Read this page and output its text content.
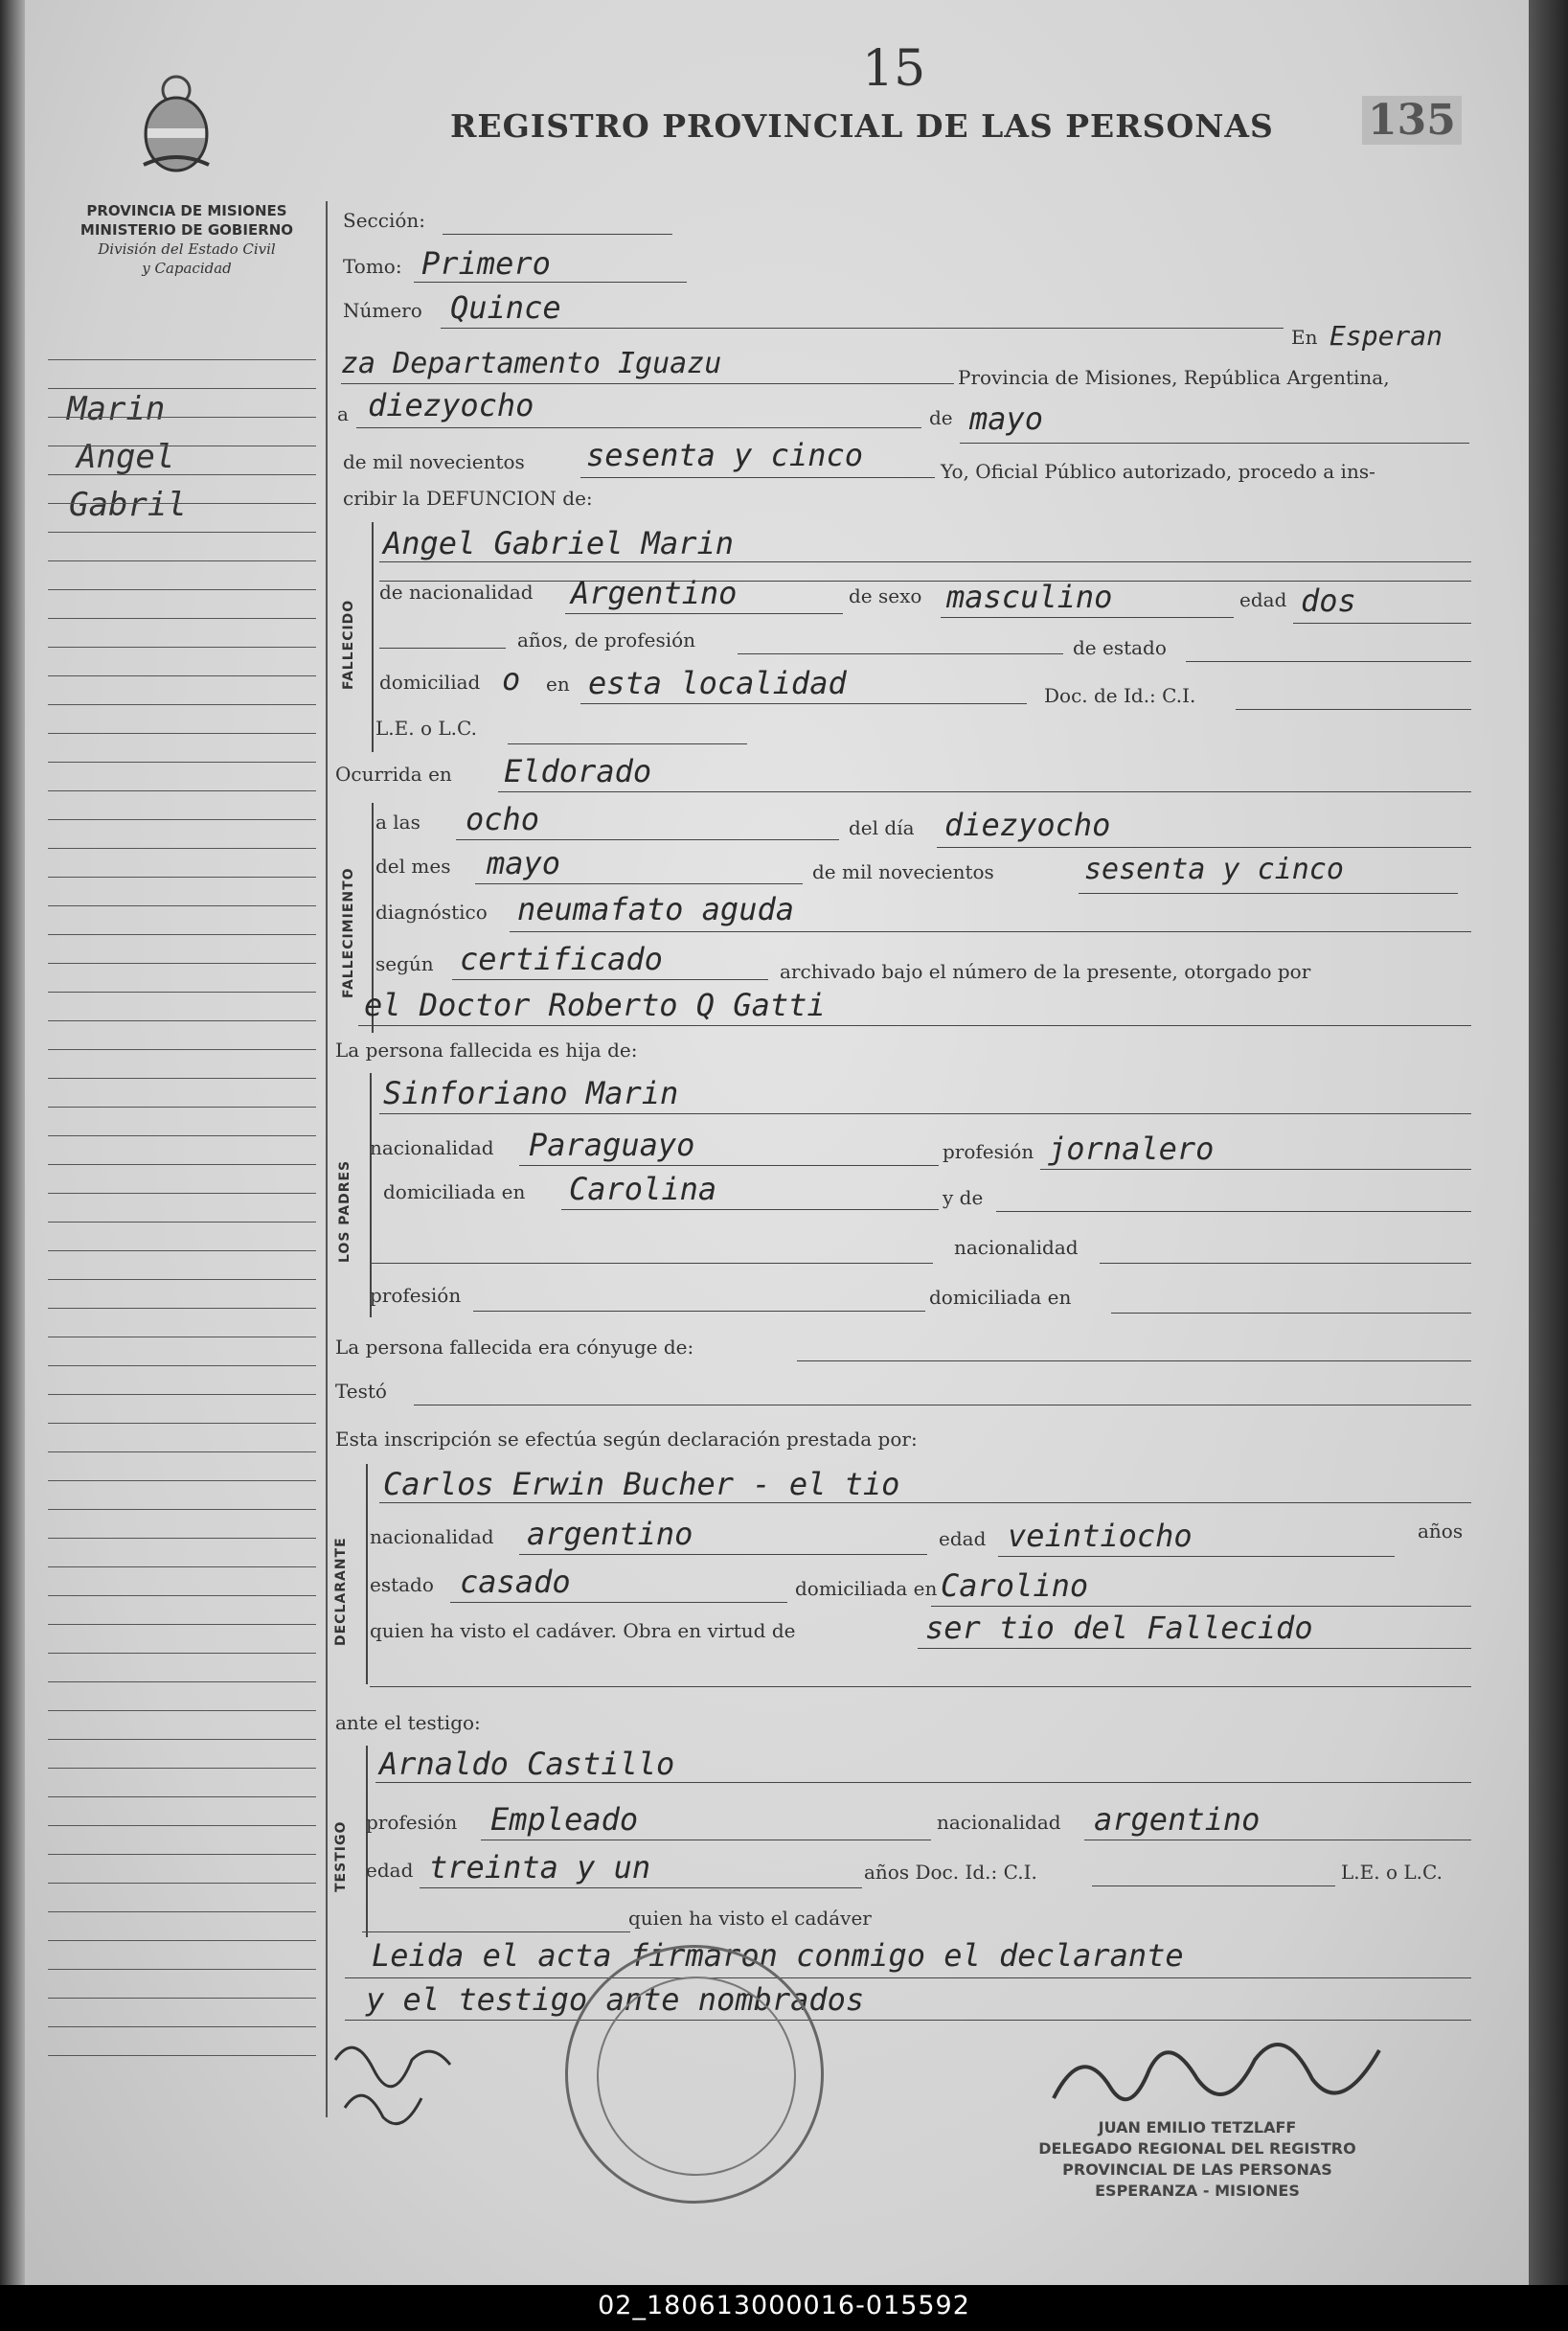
15
REGISTRO PROVINCIAL DE LAS PERSONAS 135
PROVINCIA DE MISIONES
MINISTERIO DE GOBIERNO
División del Estado Civil
y Capacidad
Marin
Angel
Gabril
Sección:
Tomo: Primero
Número Quince
En Esperan
za Departamento Iguazu	Provincia de Misiones, República Argentina,
a diezyocho	de mayo
de mil novecientos sesenta y cinco	Yo, Oficial Público autorizado, procedo a ins-
cribir la DEFUNCION de:
FALLECIDO
Angel Gabriel Marin
de nacionalidad Argentino	de sexo masculino	edad dos
años, de profesión	de estado
domiciliad o en esta localidad	Doc. de Id.: C.I.
L.E. o L.C.
Ocurrida en Eldorado
FALLECIMIENTO
a las ocho	del día diezyocho
del mes mayo	de mil novecientos	sesenta y cinco
diagnóstico neumafato aguda
según certificado	archivado bajo el número de la presente, otorgado por
el Doctor Roberto Q Gatti
La persona fallecida es hija de:
LOS PADRES
Sinforiano Marin
nacionalidad Paraguayo	profesión jornalero
domiciliada en Carolina	y de
nacionalidad
profesión	domiciliada en
La persona fallecida era cónyuge de:
Testó
Esta inscripción se efectúa según declaración prestada por:
DECLARANTE
Carlos Erwin Bucher - el tio
nacionalidad argentino	edad veintiocho	años
estado casado	domiciliada en Carolino
quien ha visto el cadáver. Obra en virtud de	ser tio del Fallecido
ante el testigo:
TESTIGO
Arnaldo Castillo
profesión Empleado	nacionalidad argentino
edad treinta y un	años Doc. Id.: C.I.	L.E. o L.C.
quien ha visto el cadáver
Leida el acta firmaron conmigo el declarante
y el testigo ante nombrados
JUAN EMILIO TETZLAFF
DELEGADO REGIONAL DEL REGISTRO
PROVINCIAL DE LAS PERSONAS
ESPERANZA - MISIONES
02_180613000016-015592
